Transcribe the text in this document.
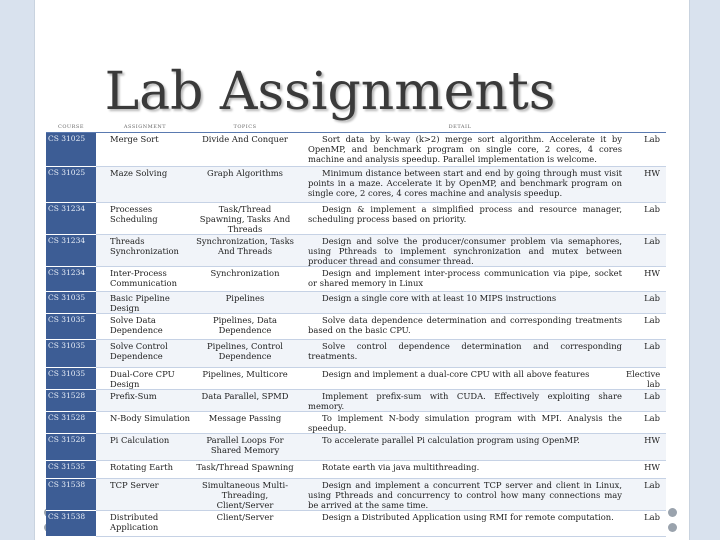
Lab Assignments
COURSE	ASSIGNMENT	TOPICS	DETAIL	
CS 31025	Merge Sort	Divide And Conquer	Sort data by k-way (k>2) merge sort algorithm. Accelerate it by OpenMP, and benchmark program on single core, 2 cores, 4 cores machine and analysis speedup. Parallel implementation is welcome.	Lab
CS 31025	Maze Solving	Graph Algorithms	Minimum distance between start and end by going through must visit points in a maze. Accelerate it by OpenMP, and benchmark program on single core, 2 cores, 4 cores machine and analysis speedup.	HW
CS 31234	Processes Scheduling	Task/Thread Spawning, Tasks And Threads	Design & implement a simplified process and resource manager, scheduling process based on priority.	Lab
CS 31234	Threads Synchronization	Synchronization, Tasks And Threads	Design and solve the producer/consumer problem via semaphores, using Pthreads to implement synchronization and mutex between producer thread and consumer thread.	Lab
CS 31234	Inter-Process Communication	Synchronization	Design and implement inter-process communication via pipe, socket or shared memory in Linux	HW
CS 31035	Basic Pipeline Design	Pipelines	Design a single core with at least 10 MIPS instructions	Lab
CS 31035	Solve Data Dependence	Pipelines, Data Dependence	Solve data dependence determination and corresponding treatments based on the basic CPU.	Lab
CS 31035	Solve Control Dependence	Pipelines, Control Dependence	Solve control dependence determination and corresponding treatments.	Lab
CS 31035	Dual-Core CPU Design	Pipelines, Multicore	Design and implement a dual-core CPU with all above features	Elective lab
CS 31528	Prefix-Sum	Data Parallel, SPMD	Implement prefix-sum with CUDA. Effectively exploiting share memory.	Lab
CS 31528	N-Body Simulation	Message Passing	To implement N-body simulation program with MPI. Analysis the speedup.	Lab
CS 31528	Pi Calculation	Parallel Loops For Shared Memory	To accelerate parallel Pi calculation program using OpenMP.	HW
CS 31535	Rotating Earth	Task/Thread Spawning	Rotate earth via java multithreading.	HW
CS 31538	TCP Server	Simultaneous Multi-Threading, Client/Server	Design and implement a concurrent TCP server and client in Linux, using Pthreads and concurrency to control how many connections may be arrived at the same time.	Lab
CS 31538	Distributed Application	Client/Server	Design a Distributed Application using RMI for remote computation.	Lab
